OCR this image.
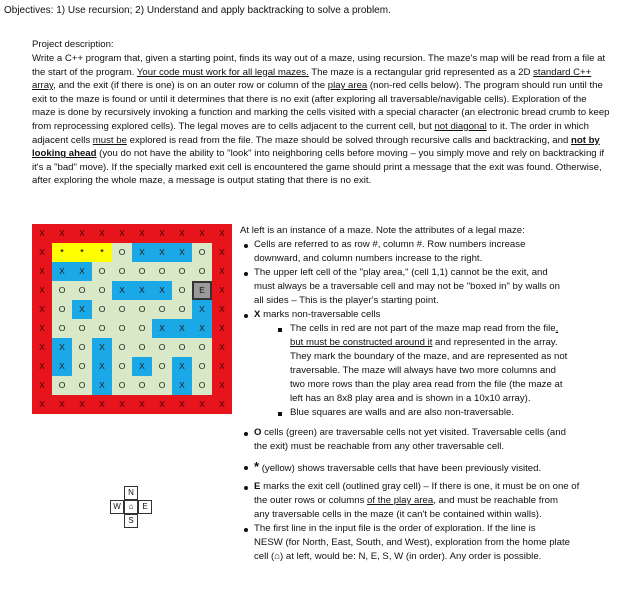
Objectives: 1) Use recursion; 2) Understand and apply backtracking to solve a problem.
Project description:
Write a C++ program that, given a starting point, finds its way out of a maze, using recursion. The maze's map will be read from a file at the start of the program. Your code must work for all legal mazes. The maze is a rectangular grid represented as a 2D standard C++ array, and the exit (if there is one) is on an outer row or column of the play area (non-red cells below). The program should run until the exit to the maze is found or until it determines that there is no exit (after exploring all traversable/navigable cells). Exploration of the maze is done by recursively invoking a function and marking the cells visited with a special character (an electronic bread crumb to keep from reprocessing explored cells). The legal moves are to cells adjacent to the current cell, but not diagonal to it. The order in which adjacent cells must be explored is read from the file. The maze should be solved through recursive calls and backtracking, and not by looking ahead (you do not have the ability to "look" into neighboring cells before moving – you simply move and rely on backtracking if it's a "bad" move). If the specially marked exit cell is encountered the game should print a message that the exit was found. Otherwise, after exploring the whole maze, a message is output stating that there is no exit.
X	X	X	X	X	X	X	X	X	X
X	*	*	*	O	X	X	X	O	X
X	X	X	O	O	O	O	O	O	X
X	O	O	O	X	X	X	O	E	X
X	O	X	O	O	O	O	O	X	X
X	O	O	O	O	O	X	X	X	X
X	X	O	X	O	O	O	O	O	X
X	X	O	X	O	X	O	X	O	X
X	O	O	X	O	O	O	X	O	X
X	X	X	X	X	X	X	X	X	X
N
W ⌂	E
S
At left is an instance of a maze. Note the attributes of a legal maze:
Cells are referred to as row #, column #. Row numbers increase
downward, and column numbers increase to the right.
The upper left cell of the "play area," (cell 1,1) cannot be the exit, and
must always be a traversable cell and may not be "boxed in" by walls on
all sides – This is the player's starting point.
X marks non-traversable cells
The cells in red are not part of the maze map read from the file,
but must be constructed around it and represented in the array.
They mark the boundary of the maze, and are represented as not
traversable. The maze will always have two more columns and
two more rows than the play area read from the file (the maze at
left has an 8x8 play area and is shown in a 10x10 array).
Blue squares are walls and are also non-traversable.
O cells (green) are traversable cells not yet visited. Traversable cells (and
the exit) must be reachable from any other traversable cell.
* (yellow) shows traversable cells that have been previously visited.
E marks the exit cell (outlined gray cell) – If there is one, it must be on one of
the outer rows or columns of the play area, and must be reachable from
any traversable cells in the maze (it can't be contained within walls).
The first line in the input file is the order of exploration. If the line is
NESW (for North, East, South, and West), exploration from the home plate
cell (⌂) at left, would be: N, E, S, W (in order). Any order is possible.
